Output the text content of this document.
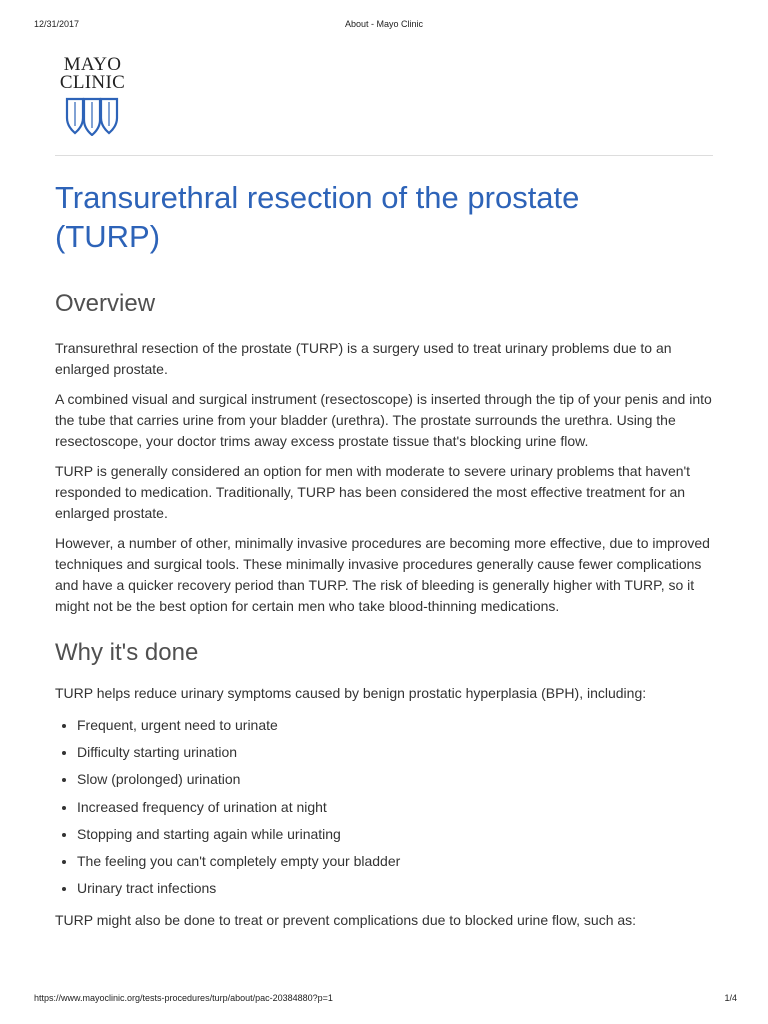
12/31/2017	About - Mayo Clinic
MAYO
CLINIC
Transurethral resection of the prostate (TURP)
Overview

Transurethral resection of the prostate (TURP) is a surgery used to treat urinary problems due to an enlarged prostate.

A combined visual and surgical instrument (resectoscope) is inserted through the tip of your penis and into the tube that carries urine from your bladder (urethra). The prostate surrounds the urethra. Using the resectoscope, your doctor trims away excess prostate tissue that's blocking urine flow.

TURP is generally considered an option for men with moderate to severe urinary problems that haven't responded to medication. Traditionally, TURP has been considered the most effective treatment for an enlarged prostate.

However, a number of other, minimally invasive procedures are becoming more effective, due to improved techniques and surgical tools. These minimally invasive procedures generally cause fewer complications and have a quicker recovery period than TURP. The risk of bleeding is generally higher with TURP, so it might not be the best option for certain men who take blood-thinning medications.

Why it's done

TURP helps reduce urinary symptoms caused by benign prostatic hyperplasia (BPH), including:

• Frequent, urgent need to urinate
• Difficulty starting urination
• Slow (prolonged) urination
• Increased frequency of urination at night
• Stopping and starting again while urinating
• The feeling you can't completely empty your bladder
• Urinary tract infections

TURP might also be done to treat or prevent complications due to blocked urine flow, such as:

https://www.mayoclinic.org/tests-procedures/turp/about/pac-20384880?p=1	1/4
